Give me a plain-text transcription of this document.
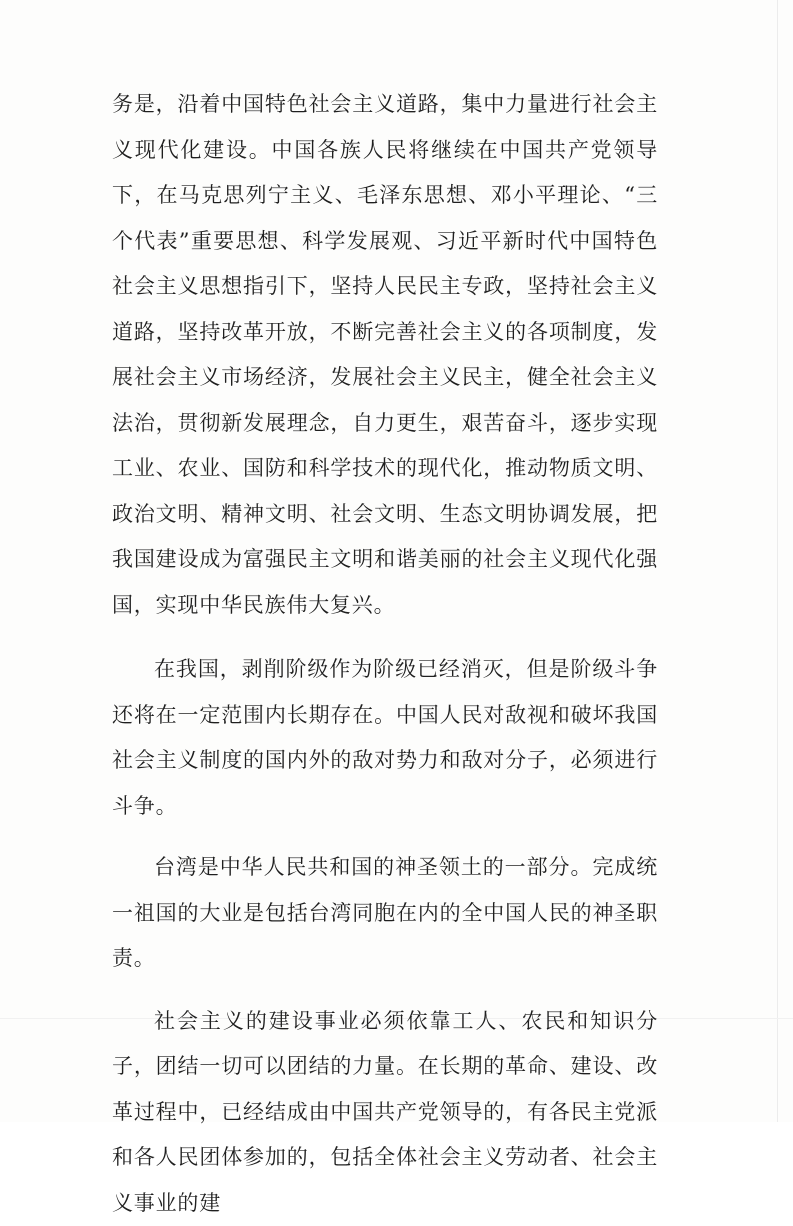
务是，沿着中国特色社会主义道路，集中力量进行社会主义现代化建设。中国各族人民将继续在中国共产党领导下，在马克思列宁主义、毛泽东思想、邓小平理论、“三个代表”重要思想、科学发展观、习近平新时代中国特色社会主义思想指引下，坚持人民民主专政，坚持社会主义道路，坚持改革开放，不断完善社会主义的各项制度，发展社会主义市场经济，发展社会主义民主，健全社会主义法治，贯彻新发展理念，自力更生，艰苦奋斗，逐步实现工业、农业、国防和科学技术的现代化，推动物质文明、政治文明、精神文明、社会文明、生态文明协调发展，把我国建设成为富强民主文明和谐美丽的社会主义现代化强国，实现中华民族伟大复兴。

在我国，剥削阶级作为阶级已经消灭，但是阶级斗争还将在一定范围内长期存在。中国人民对敌视和破坏我国社会主义制度的国内外的敌对势力和敌对分子，必须进行斗争。

台湾是中华人民共和国的神圣领土的一部分。完成统一祖国的大业是包括台湾同胞在内的全中国人民的神圣职责。

社会主义的建设事业必须依靠工人、农民和知识分子，团结一切可以团结的力量。在长期的革命、建设、改革过程中，已经结成由中国共产党领导的，有各民主党派和各人民团体参加的，包括全体社会主义劳动者、社会主义事业的建
